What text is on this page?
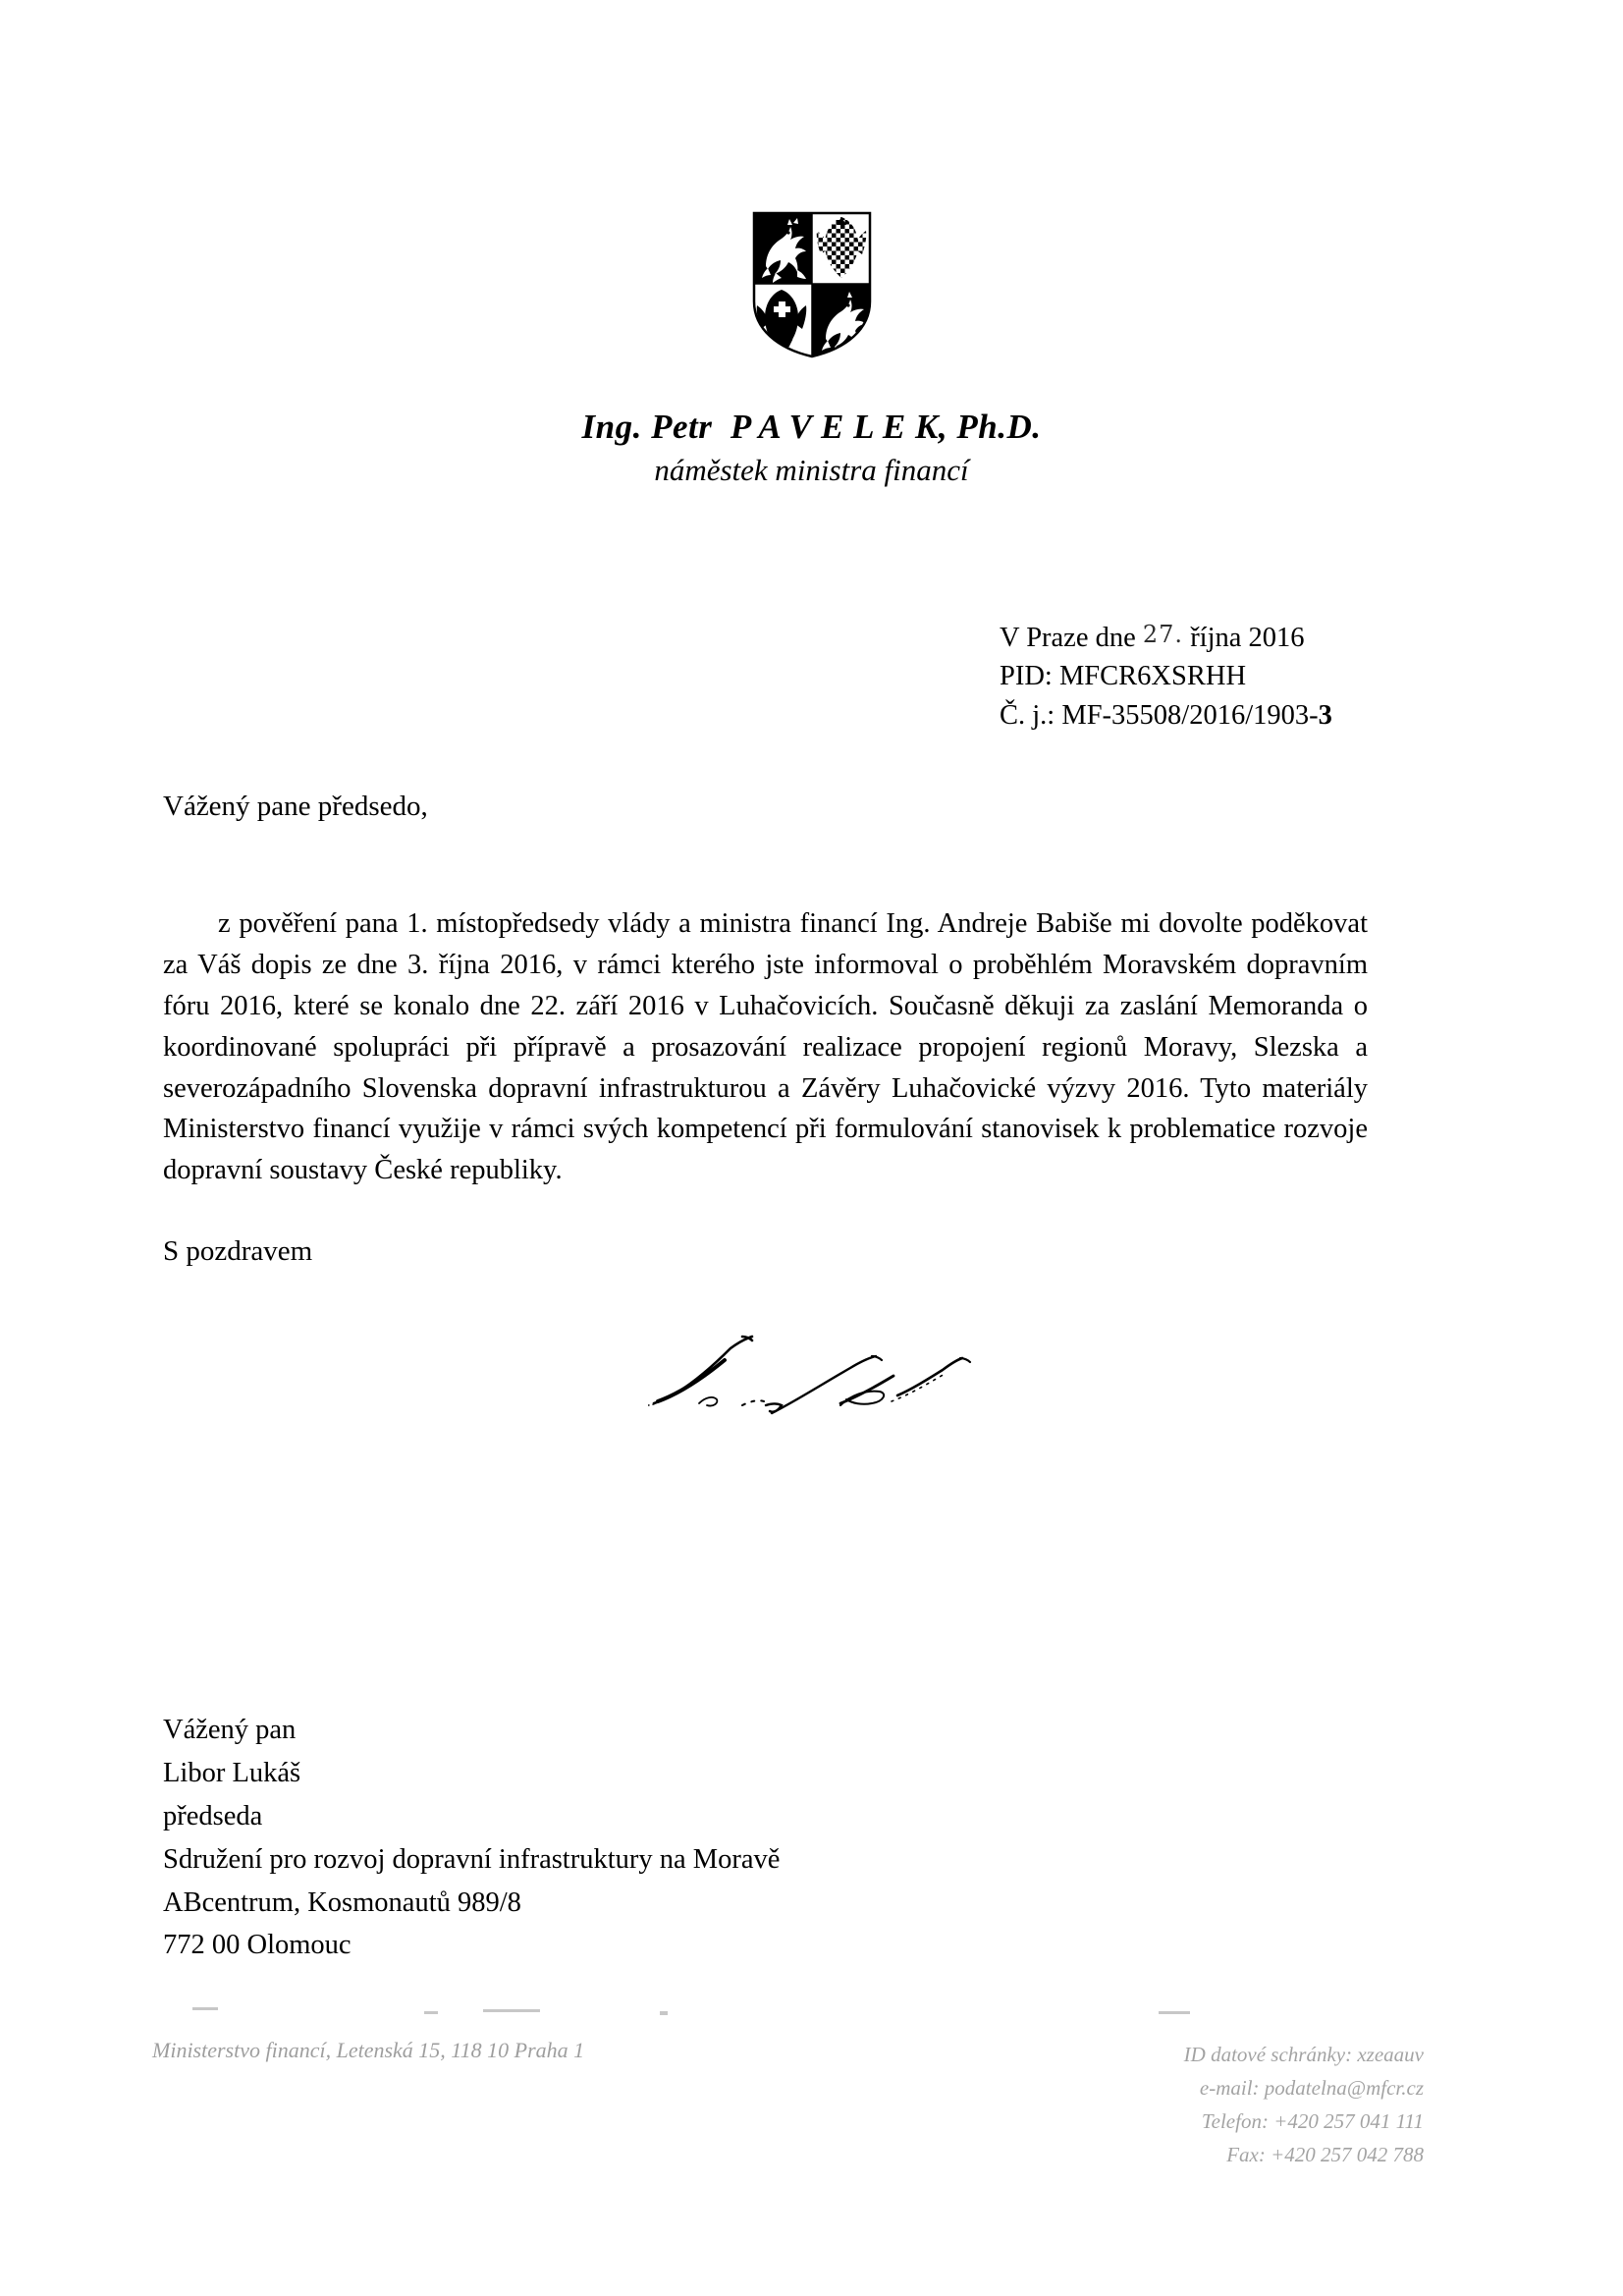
Ing. Petr  P A V E L E K, Ph.D.
náměstek ministra financí
V Praze dne 27. října 2016
PID: MFCR6XSRHH
Č. j.: MF-35508/2016/1903-3
Vážený pane předsedo,
z pověření pana 1. místopředsedy vlády a ministra financí Ing. Andreje Babiše mi dovolte poděkovat za Váš dopis ze dne 3. října 2016, v rámci kterého jste informoval o proběhlém Moravském dopravním fóru 2016, které se konalo dne 22. září 2016 v Luhačovicích. Současně děkuji za zaslání Memoranda o koordinované spolupráci při přípravě a prosazování realizace propojení regionů Moravy, Slezska a severozápadního Slovenska dopravní infrastrukturou a Závěry Luhačovické výzvy 2016. Tyto materiály Ministerstvo financí využije v rámci svých kompetencí při formulování stanovisek k problematice rozvoje dopravní soustavy České republiky.
S pozdravem
Vážený pan
Libor Lukáš
předseda
Sdružení pro rozvoj dopravní infrastruktury na Moravě
ABcentrum, Kosmonautů 989/8
772 00 Olomouc
Ministerstvo financí, Letenská 15, 118 10 Praha 1	ID datové schránky: xzeaauv
e-mail: podatelna@mfcr.cz
Telefon: +420 257 041 111
Fax: +420 257 042 788
